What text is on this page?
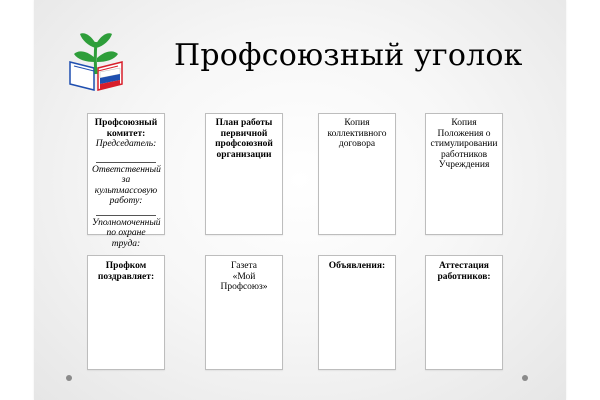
Профсоюзный уголок
Профсоюзный
комитет:
Председатель:
Ответственный за культмассовую работу:
Уполномоченный по охране труда:
План работы первичной профсоюзной организации
Копия коллективного договора
Копия Положения о стимулировании работников Учреждения
Профком поздравляет:
Газета
«Мой Профсоюз»
Объявления:	Аттестация работников:
